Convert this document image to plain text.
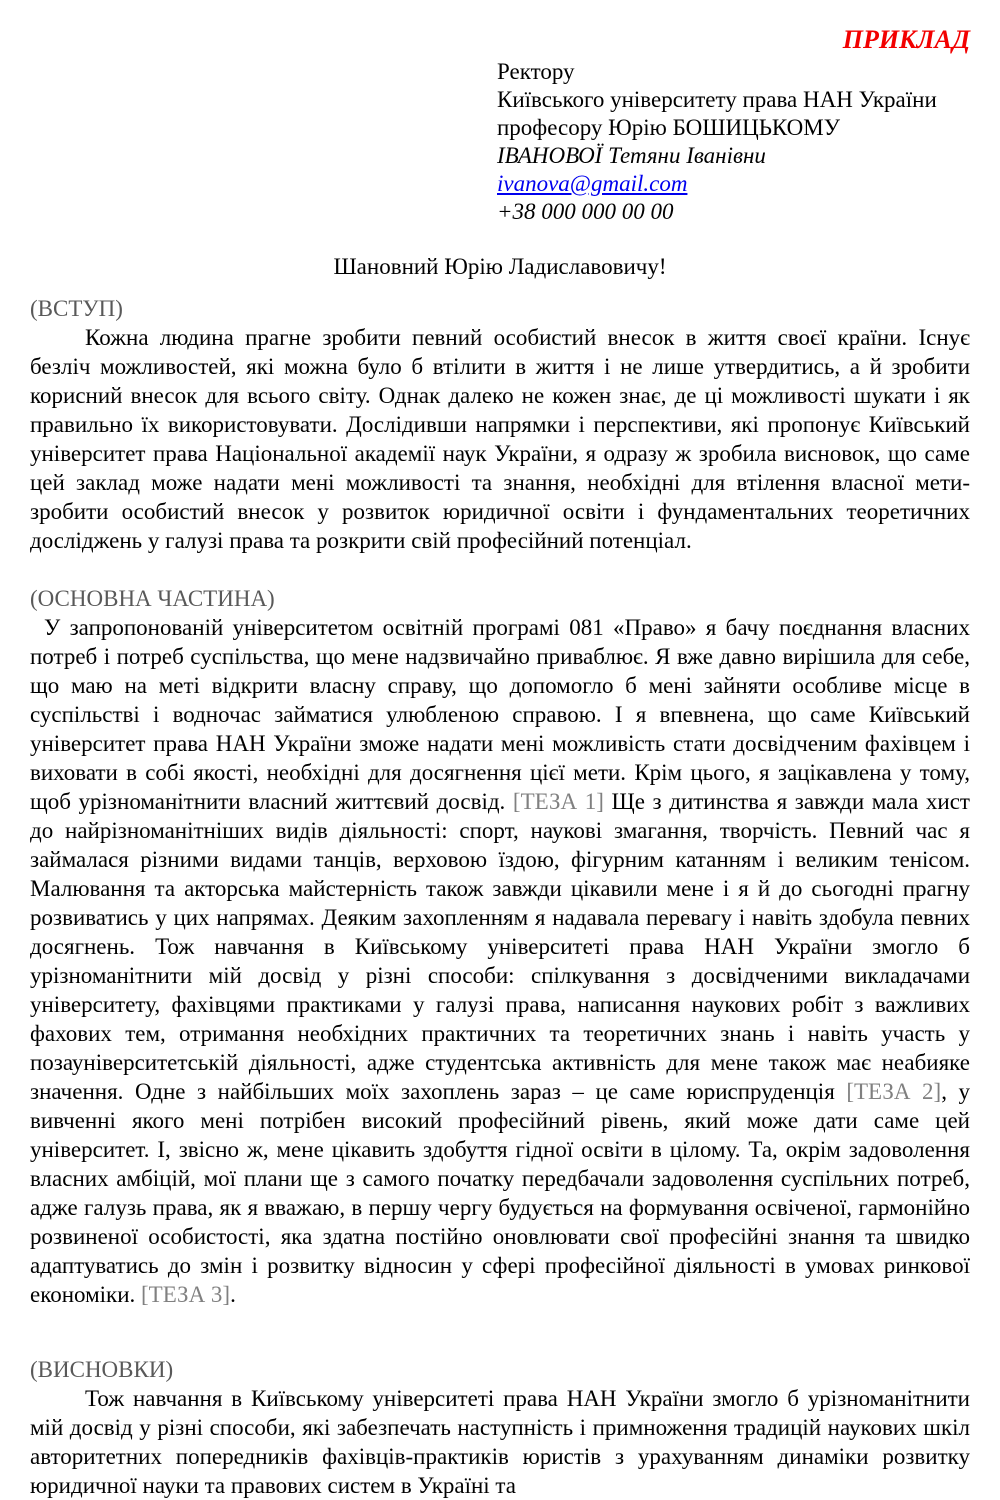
ПРИКЛАД
Ректору
Київського університету права НАН України
професору Юрію БОШИЦЬКОМУ
ІВАНОВОЇ Тетяни Іванівни
ivanova@gmail.com
+38 000 000 00 00
Шановний Юрію Ладиславовичу!
(ВСТУП)

Кожна людина прагне зробити певний особистий внесок в життя своєї країни. Існує безліч можливостей, які можна було б втілити в життя і не лише утвердитись, а й зробити корисний внесок для всього світу. Однак далеко не кожен знає, де ці можливості шукати і як правильно їх використовувати. Дослідивши напрямки і перспективи, які пропонує Київський університет права Національної академії наук України, я одразу ж зробила висновок, що саме цей заклад може надати мені можливості та знання, необхідні для втілення власної мети-зробити особистий внесок у розвиток юридичної освіти і фундаментальних теоретичних досліджень у галузі права та розкрити свій професійний потенціал.

(ОСНОВНА ЧАСТИНА)

У запропонованій університетом освітній програмі 081 «Право» я бачу поєднання власних потреб і потреб суспільства, що мене надзвичайно приваблює. Я вже давно вирішила для себе, що маю на меті відкрити власну справу, що допомогло б мені зайняти особливе місце в суспільстві і водночас займатися улюбленою справою. І я впевнена, що саме Київський університет права НАН України зможе надати мені можливість стати досвідченим фахівцем і виховати в собі якості, необхідні для досягнення цієї мети. Крім цього, я зацікавлена у тому, щоб урізноманітнити власний життєвий досвід. [ТЕЗА 1] Ще з дитинства я завжди мала хист до найрізноманітніших видів діяльності: спорт, наукові змагання, творчість. Певний час я займалася різними видами танців, верховою їздою, фігурним катанням і великим тенісом. Малювання та акторська майстерність також завжди цікавили мене і я й до сьогодні прагну розвиватись у цих напрямах. Деяким захопленням я надавала перевагу і навіть здобула певних досягнень. Тож навчання в Київському університеті права НАН України змогло б урізноманітнити мій досвід у різні способи: спілкування з досвідченими викладачами університету, фахівцями практиками у галузі права, написання наукових робіт з важливих фахових тем, отримання необхідних практичних та теоретичних знань і навіть участь у позауніверситетській діяльності, адже студентська активність для мене також має неабияке значення. Одне з найбільших моїх захоплень зараз – це саме юриспруденція [ТЕЗА 2], у вивченні якого мені потрібен високий професійний рівень, який може дати саме цей університет. І, звісно ж, мене цікавить здобуття гідної освіти в цілому. Та, окрім задоволення власних амбіцій, мої плани ще з самого початку передбачали задоволення суспільних потреб, адже галузь права, як я вважаю, в першу чергу будується на формування освіченої, гармонійно розвиненої особистості, яка здатна постійно оновлювати свої професійні знання та швидко адаптуватись до змін і розвитку відносин у сфері професійної діяльності в умовах ринкової економіки. [ТЕЗА 3].

(ВИСНОВКИ)

Тож навчання в Київському університеті права НАН України змогло б урізноманітнити мій досвід у різні способи, які забезпечать наступність і примноження традицій наукових шкіл авторитетних попередників фахівців-практиків юристів з урахуванням динаміки розвитку юридичної науки та правових систем в Україні та
